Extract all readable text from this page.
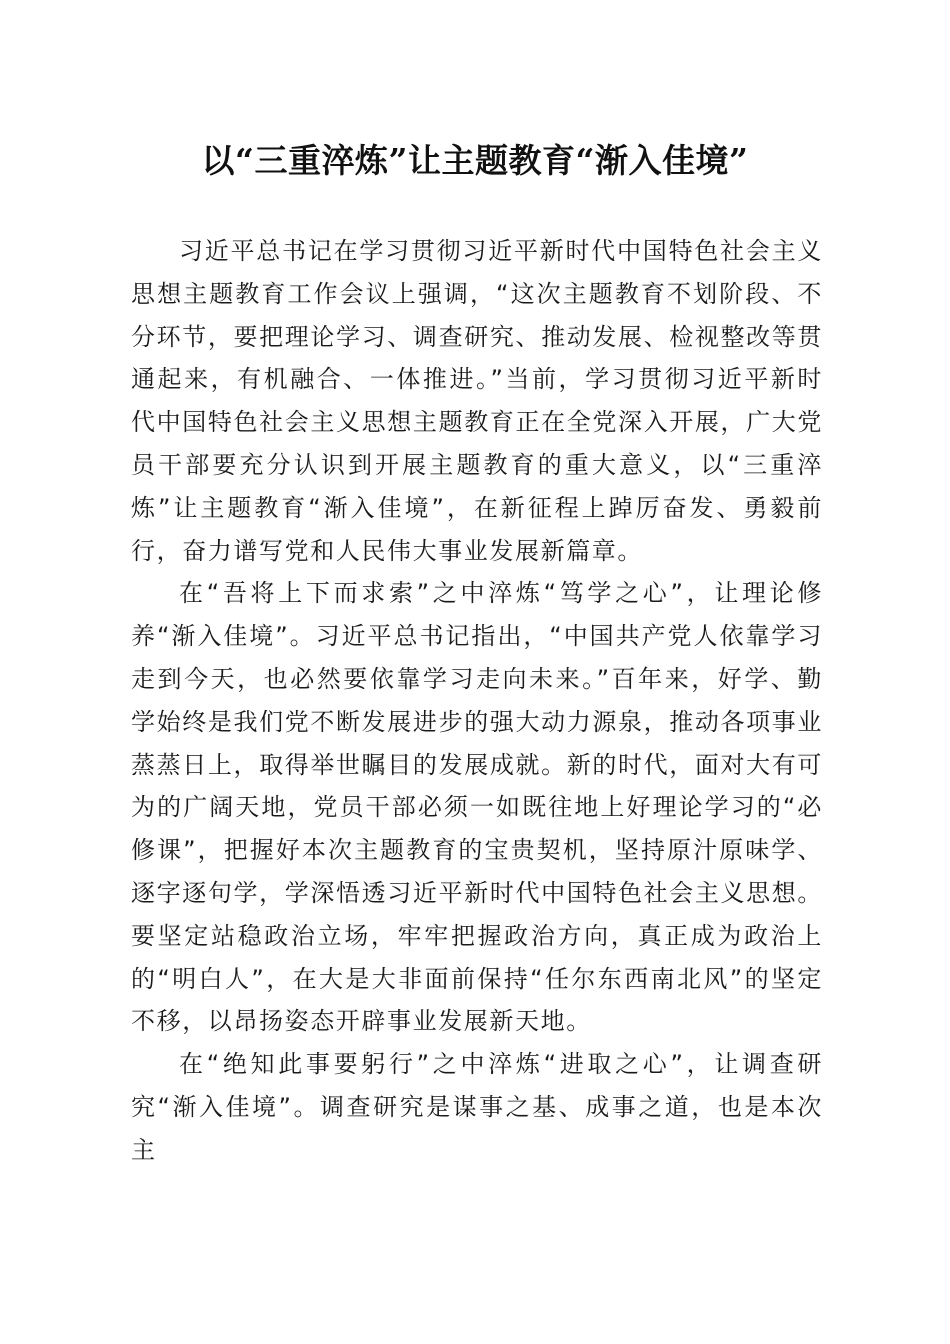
以“三重淬炼”让主题教育“渐入佳境”

习近平总书记在学习贯彻习近平新时代中国特色社会主义思想主题教育工作会议上强调，“这次主题教育不划阶段、不分环节，要把理论学习、调查研究、推动发展、检视整改等贯通起来，有机融合、一体推进。”当前，学习贯彻习近平新时代中国特色社会主义思想主题教育正在全党深入开展，广大党员干部要充分认识到开展主题教育的重大意义，以“三重淬炼”让主题教育“渐入佳境”，在新征程上踔厉奋发、勇毅前行，奋力谱写党和人民伟大事业发展新篇章。

在“吾将上下而求索”之中淬炼“笃学之心”，让理论修养“渐入佳境”。习近平总书记指出，“中国共产党人依靠学习走到今天，也必然要依靠学习走向未来。”百年来，好学、勤学始终是我们党不断发展进步的强大动力源泉，推动各项事业蒸蒸日上，取得举世瞩目的发展成就。新的时代，面对大有可为的广阔天地，党员干部必须一如既往地上好理论学习的“必修课”，把握好本次主题教育的宝贵契机，坚持原汁原味学、逐字逐句学，学深悟透习近平新时代中国特色社会主义思想。要坚定站稳政治立场，牢牢把握政治方向，真正成为政治上的“明白人”，在大是大非面前保持“任尔东西南北风”的坚定不移，以昂扬姿态开辟事业发展新天地。

在“绝知此事要躬行”之中淬炼“进取之心”，让调查研究“渐入佳境”。调查研究是谋事之基、成事之道，也是本次主
